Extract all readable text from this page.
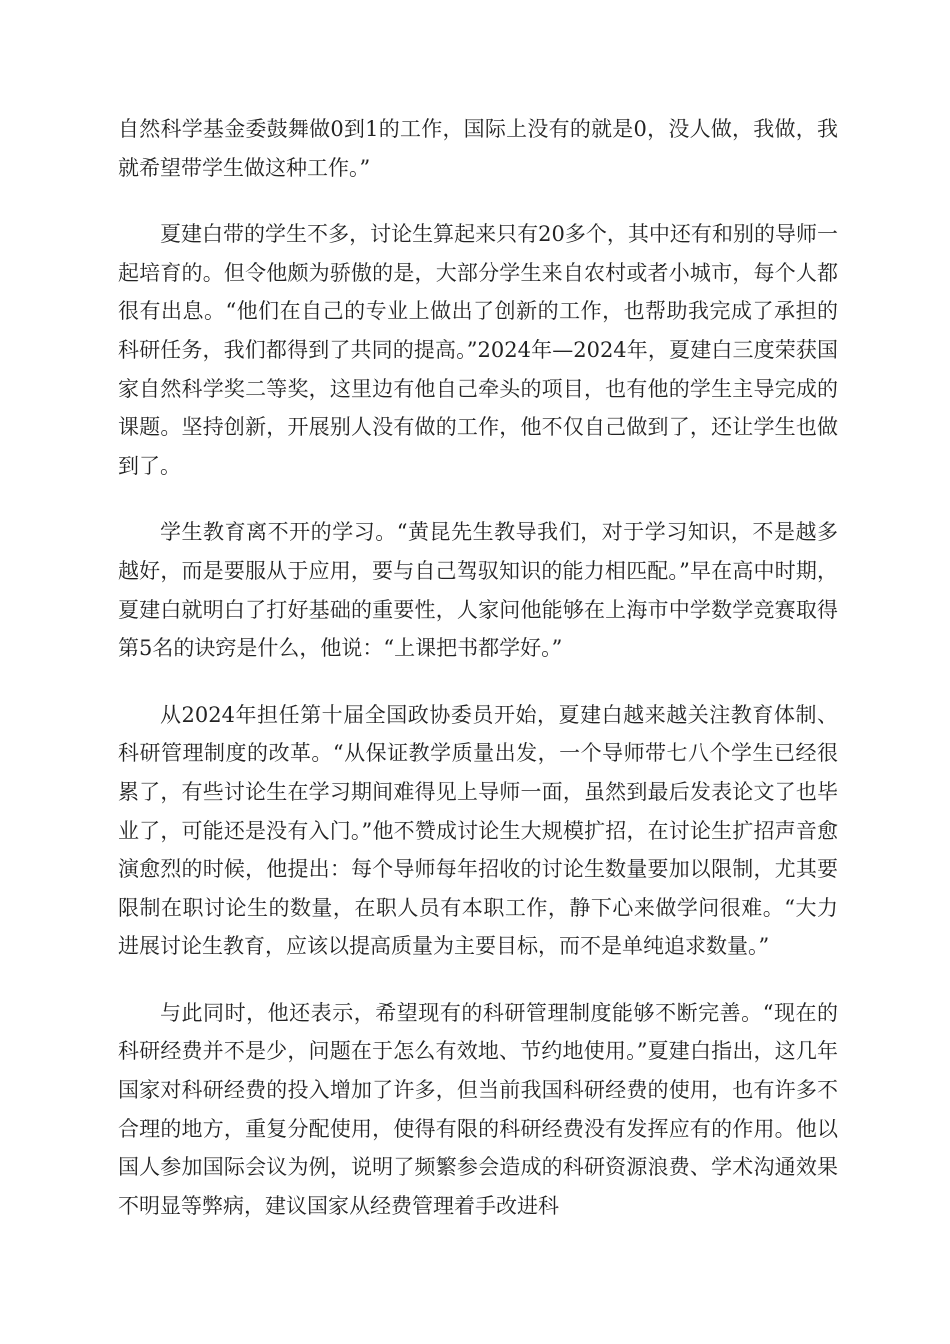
自然科学基金委鼓舞做0到1的工作，国际上没有的就是0，没人做，我做，我就希望带学生做这种工作。”

夏建白带的学生不多，讨论生算起来只有20多个，其中还有和别的导师一起培育的。但令他颇为骄傲的是，大部分学生来自农村或者小城市，每个人都很有出息。“他们在自己的专业上做出了创新的工作，也帮助我完成了承担的科研任务，我们都得到了共同的提高。”2024年—2024年，夏建白三度荣获国家自然科学奖二等奖，这里边有他自己牵头的项目，也有他的学生主导完成的课题。坚持创新，开展别人没有做的工作，他不仅自己做到了，还让学生也做到了。

学生教育离不开的学习。“黄昆先生教导我们，对于学习知识，不是越多越好，而是要服从于应用，要与自己驾驭知识的能力相匹配。”早在高中时期，夏建白就明白了打好基础的重要性，人家问他能够在上海市中学数学竞赛取得第5名的诀窍是什么，他说：“上课把书都学好。”

从2024年担任第十届全国政协委员开始，夏建白越来越关注教育体制、科研管理制度的改革。“从保证教学质量出发，一个导师带七八个学生已经很累了，有些讨论生在学习期间难得见上导师一面，虽然到最后发表论文了也毕业了，可能还是没有入门。”他不赞成讨论生大规模扩招，在讨论生扩招声音愈演愈烈的时候，他提出：每个导师每年招收的讨论生数量要加以限制，尤其要限制在职讨论生的数量，在职人员有本职工作，静下心来做学问很难。“大力进展讨论生教育，应该以提高质量为主要目标，而不是单纯追求数量。”

与此同时，他还表示，希望现有的科研管理制度能够不断完善。“现在的科研经费并不是少，问题在于怎么有效地、节约地使用。”夏建白指出，这几年国家对科研经费的投入增加了许多，但当前我国科研经费的使用，也有许多不合理的地方，重复分配使用，使得有限的科研经费没有发挥应有的作用。他以国人参加国际会议为例，说明了频繁参会造成的科研资源浪费、学术沟通效果不明显等弊病，建议国家从经费管理着手改进科
